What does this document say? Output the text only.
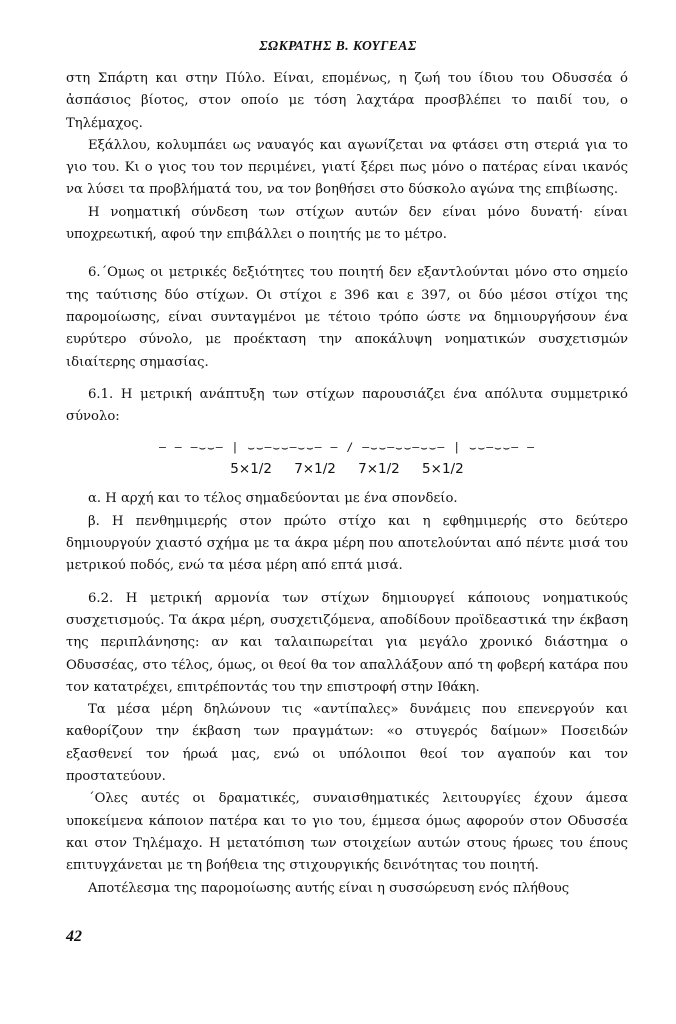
ΣΩΚΡΑΤΗΣ Β. ΚΟΥΓΕΑΣ

στη Σπάρτη και στην Πύλο. Είναι, επομένως, η ζωή του ίδιου του Οδυσσέα ό ἀσπάσιος βίοτος, στον οποίο με τόση λαχτάρα προσβλέπει το παιδί του, ο Τηλέμαχος.

Εξάλλου, κολυμπάει ως ναυαγός και αγωνίζεται να φτάσει στη στεριά για το γιο του. Κι ο γιος του τον περιμένει, γιατί ξέρει πως μόνο ο πατέρας είναι ικανός να λύσει τα προβλήματά του, να τον βοηθήσει στο δύσκολο αγώνα της επιβίωσης.

Η νοηματική σύνδεση των στίχων αυτών δεν είναι μόνο δυνατή· είναι υποχρεωτική, αφού την επιβάλλει ο ποιητής με το μέτρο.

6.΄Ομως οι μετρικές δεξιότητες του ποιητή δεν εξαντλούνται μόνο στο σημείο της ταύτισης δύο στίχων. Οι στίχοι ε 396 και ε 397, οι δύο μέσοι στίχοι της παρομοίωσης, είναι συνταγμένοι με τέτοιο τρόπο ώστε να δημιουργήσουν ένα ευρύτερο σύνολο, με προέκταση την αποκάλυψη νοηματικών συσχετισμών ιδιαίτερης σημασίας.

6.1. Η μετρική ανάπτυξη των στίχων παρουσιάζει ένα απόλυτα συμμετρικό σύνολο:

– – –⌣⌣– | ⌣⌣–⌣⌣–⌣⌣– – / –⌣⌣–⌣⌣–⌣⌣– | ⌣⌣–⌣⌣– –
5×1/2 7×1/2 7×1/2 5×1/2

α. Η αρχή και το τέλος σημαδεύονται με ένα σπονδείο.

β. Η πενθημιμερής στον πρώτο στίχο και η εφθημιμερής στο δεύτερο δημιουργούν χιαστό σχήμα με τα άκρα μέρη που αποτελούνται από πέντε μισά του μετρικού ποδός, ενώ τα μέσα μέρη από επτά μισά.

6.2. Η μετρική αρμονία των στίχων δημιουργεί κάποιους νοηματικούς συσχετισμούς. Τα άκρα μέρη, συσχετιζόμενα, αποδίδουν προϊδεαστικά την έκβαση της περιπλάνησης: αν και ταλαιπωρείται για μεγάλο χρονικό διάστημα ο Οδυσσέας, στο τέλος, όμως, οι θεοί θα τον απαλλάξουν από τη φοβερή κατάρα που τον κατατρέχει, επιτρέποντάς του την επιστροφή στην Ιθάκη.

Τα μέσα μέρη δηλώνουν τις «αντίπαλες» δυνάμεις που επενεργούν και καθορίζουν την έκβαση των πραγμάτων: «ο στυγερός δαίμων» Ποσειδών εξασθενεί τον ήρωά μας, ενώ οι υπόλοιποι θεοί τον αγαπούν και τον προστατεύουν.

΄Ολες αυτές οι δραματικές, συναισθηματικές λειτουργίες έχουν άμεσα υποκείμενα κάποιον πατέρα και το γιο του, έμμεσα όμως αφορούν στον Οδυσσέα και στον Τηλέμαχο. Η μετατόπιση των στοιχείων αυτών στους ήρωες του έπους επιτυγχάνεται με τη βοήθεια της στιχουργικής δεινότητας του ποιητή.

Αποτέλεσμα της παρομοίωσης αυτής είναι η συσσώρευση ενός πλήθους

42
